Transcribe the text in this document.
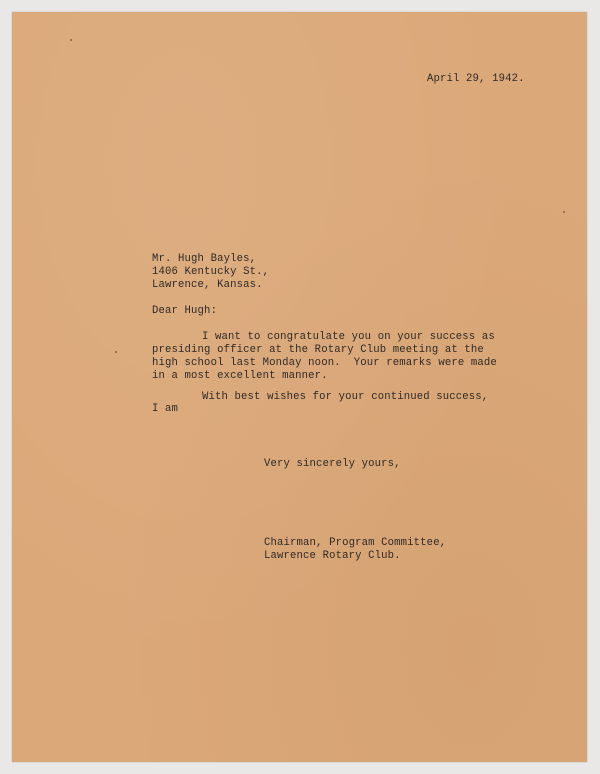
April 29, 1942.
Mr. Hugh Bayles,
1406 Kentucky St.,
Lawrence, Kansas.
Dear Hugh:
I want to congratulate you on your success as
presiding officer at the Rotary Club meeting at the
high school last Monday noon.  Your remarks were made
in a most excellent manner.
With best wishes for your continued success,
I am
Very sincerely yours,
Chairman, Program Committee,
Lawrence Rotary Club.
